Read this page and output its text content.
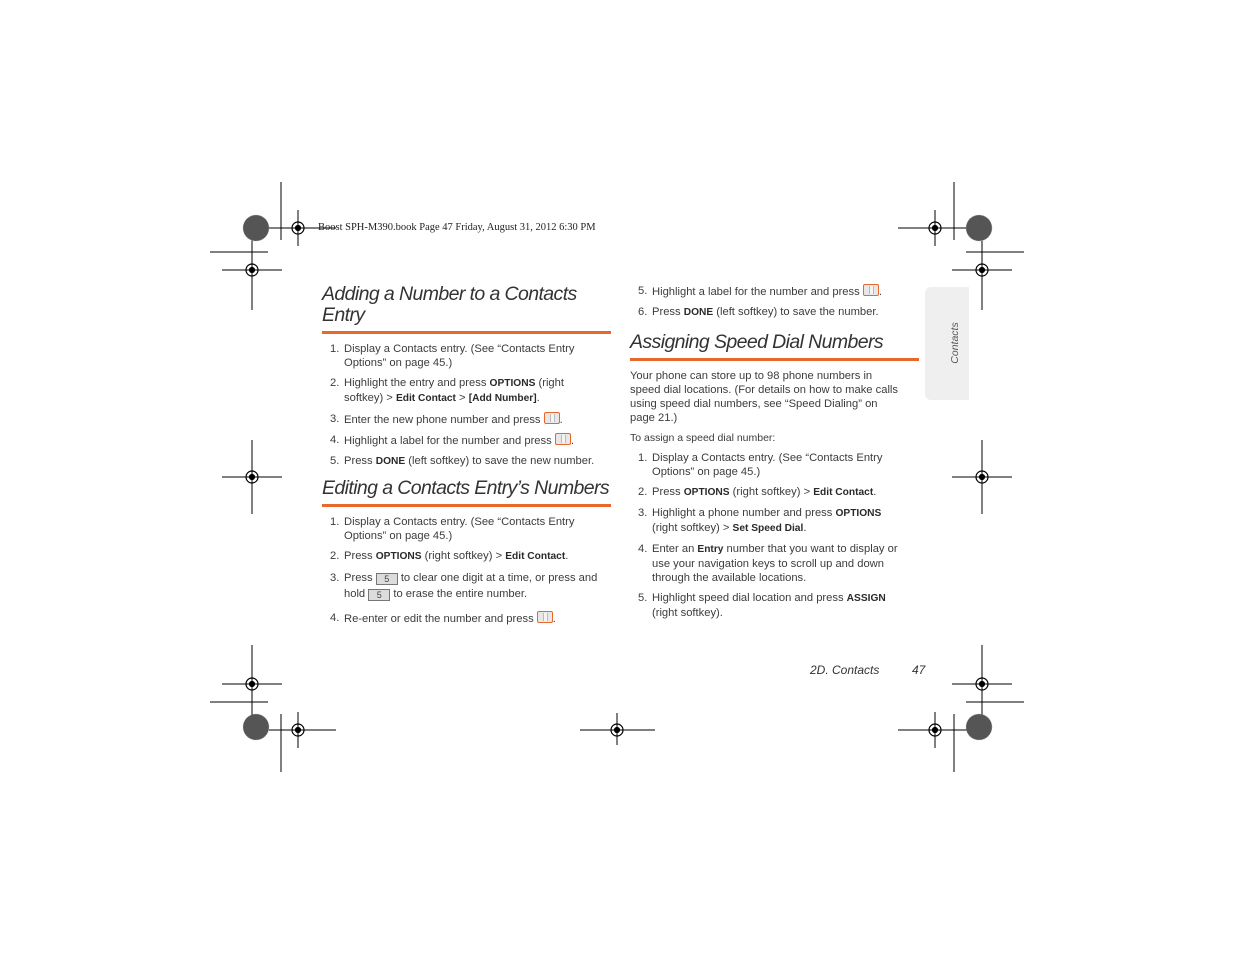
Boost SPH-M390.book Page 47 Friday, August 31, 2012 6:30 PM
Contacts
Adding a Number to a Contacts
Entry
1. Display a Contacts entry. (See “Contacts Entry
Options” on page 45.)
2. Highlight the entry and press OPTIONS (right
softkey) > Edit Contact > [Add Number].
3. Enter the new phone number and press .
4. Highlight a label for the number and press .
5. Press DONE (left softkey) to save the new number.
Editing a Contacts Entry’s Numbers
1. Display a Contacts entry. (See “Contacts Entry
Options” on page 45.)
2. Press OPTIONS (right softkey) > Edit Contact.
3. Press 5 to clear one digit at a time, or press and
hold 5 to erase the entire number.
4. Re-enter or edit the number and press .
5. Highlight a label for the number and press .
6. Press DONE (left softkey) to save the number.
Assigning Speed Dial Numbers
Your phone can store up to 98 phone numbers in
speed dial locations. (For details on how to make calls
using speed dial numbers, see “Speed Dialing” on
page 21.)
To assign a speed dial number:
1. Display a Contacts entry. (See “Contacts Entry
Options” on page 45.)
2. Press OPTIONS (right softkey) > Edit Contact.
3. Highlight a phone number and press OPTIONS
(right softkey) > Set Speed Dial.
4. Enter an Entry number that you want to display or
use your navigation keys to scroll up and down
through the available locations.
5. Highlight speed dial location and press ASSIGN
(right softkey).
2D. Contacts	47
